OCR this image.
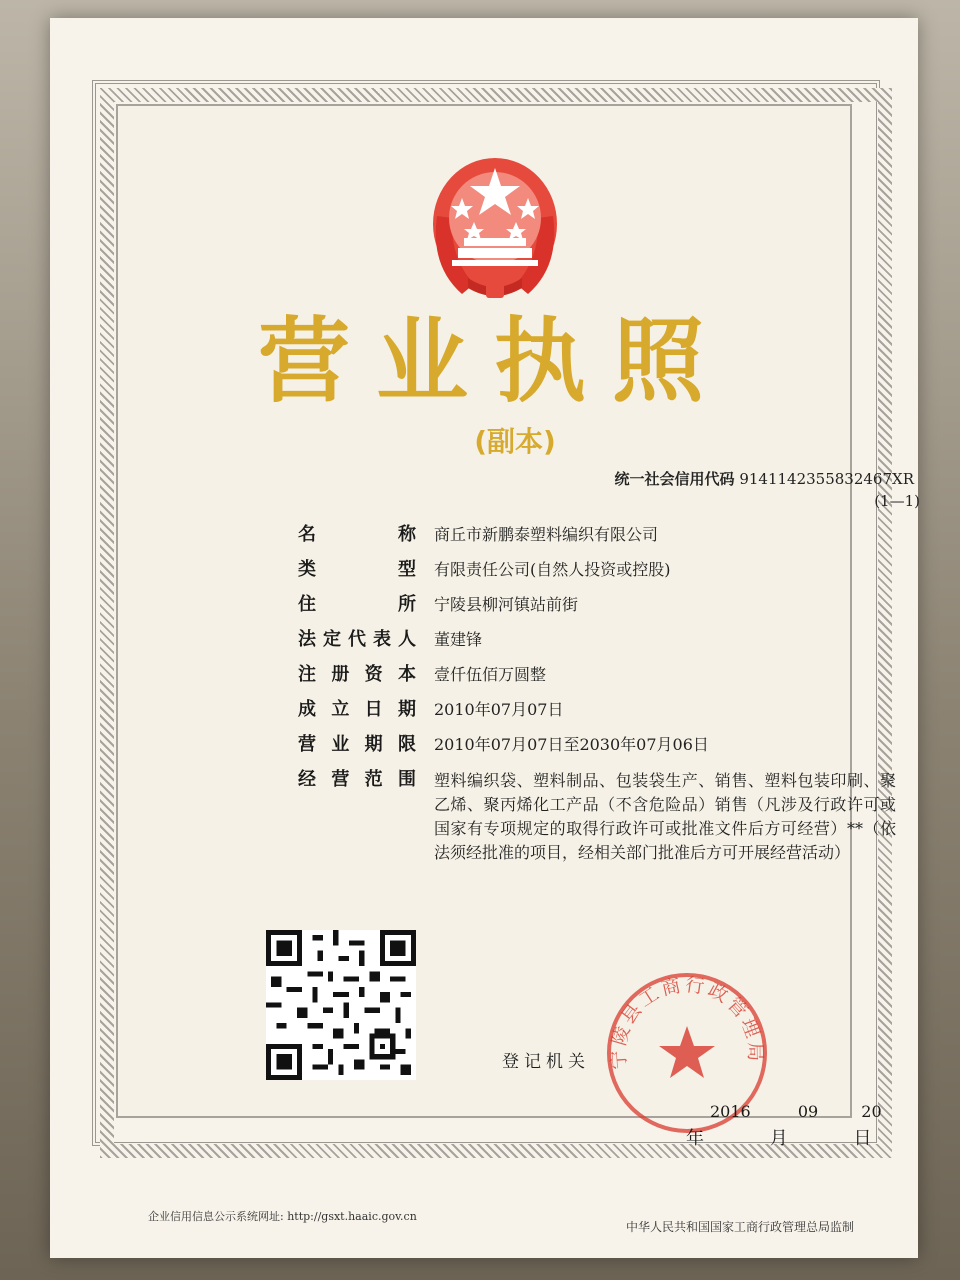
营业执照
(副本)
统一社会信用代码 9141142355832467XR
(1—1)
名称 商丘市新鹏泰塑料编织有限公司
类型 有限责任公司(自然人投资或控股)
住所 宁陵县柳河镇站前街
法定代表人 董建锋
注册资本 壹仟伍佰万圆整
成立日期 2010年07月07日
营业期限 2010年07月07日至2030年07月06日
经营范围 塑料编织袋、塑料制品、包装袋生产、销售、塑料包装印刷、聚乙烯、聚丙烯化工产品（不含危险品）销售（凡涉及行政许可或国家有专项规定的取得行政许可或批准文件后方可经营）**（依法须经批准的项目，经相关部门批准后方可开展经营活动）
登记机关 宁陵县工商行政管理局
2016	09	20
年 月 日
企业信用信息公示系统网址: http://gsxt.haaic.gov.cn
中华人民共和国国家工商行政管理总局监制
